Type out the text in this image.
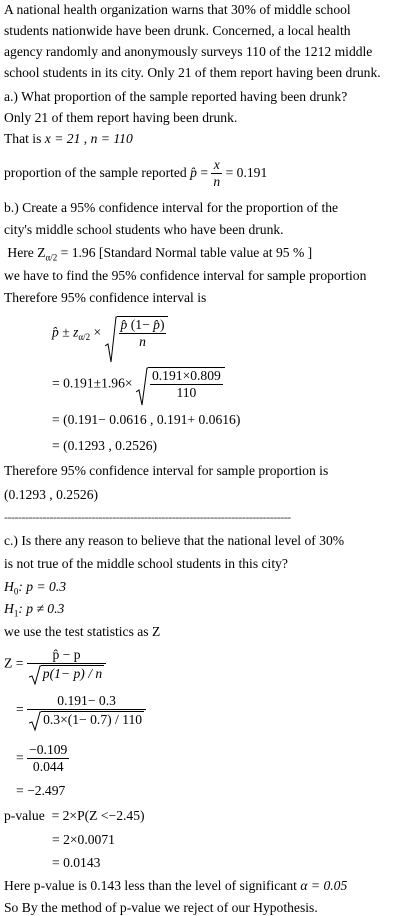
A national health organization warns that 30% of middle school
students nationwide have been drunk. Concerned, a local health
agency randomly and anonymously surveys 110 of the 1212 middle
school students in its city. Only 21 of them report having been drunk.
a.) What proportion of the sample reported having been drunk?
Only 21 of them report having been drunk.
That is x = 21 , n = 110
proportion of the sample reported p̂ = $\frac{x}{n} = 0.191$
b.) Create a 95% confidence interval for the proportion of the
city's middle school students who have been drunk.
Here $Z_{\alpha/2} = 1.96$ [Standard Normal table value at 95 % ]
we have to find the 95% confidence interval for sample proportion
Therefore 95% confidence interval is
p̂ ± $z_{\alpha/2} \times \frac{p̂ (1- p̂)}{n}$
= $0.191\pm 1.96\times \frac{0.191\times 0.809}{110}$
= (0.191− 0.0616 , 0.191+ 0.0616)
= (0.1293 , 0.2526)
Therefore 95% confidence interval for sample proportion is
(0.1293 , 0.2526)
----------------------------------------------------------------------------------
c.) Is there any reason to believe that the national level of 30%
is not true of the middle school students in this city?
$H_0$: p = 0.3
$H_1$: p ≠ 0.3
we use the test statistics as Z
$Z = \frac{p̂ - p}{p(1- p) / n}$
= $\frac{0.191- 0.3}{0.3\times(1- 0.7) / 110}$
= $\frac{-0.109}{0.044}$
= −2.497
p-value = 2×P(Z <−2.45)
= 2×0.0071
= 0.0143
Here p-value is 0.143 less than the level of significant α = 0.05
So By the method of p-value we reject of our Hypothesis.
